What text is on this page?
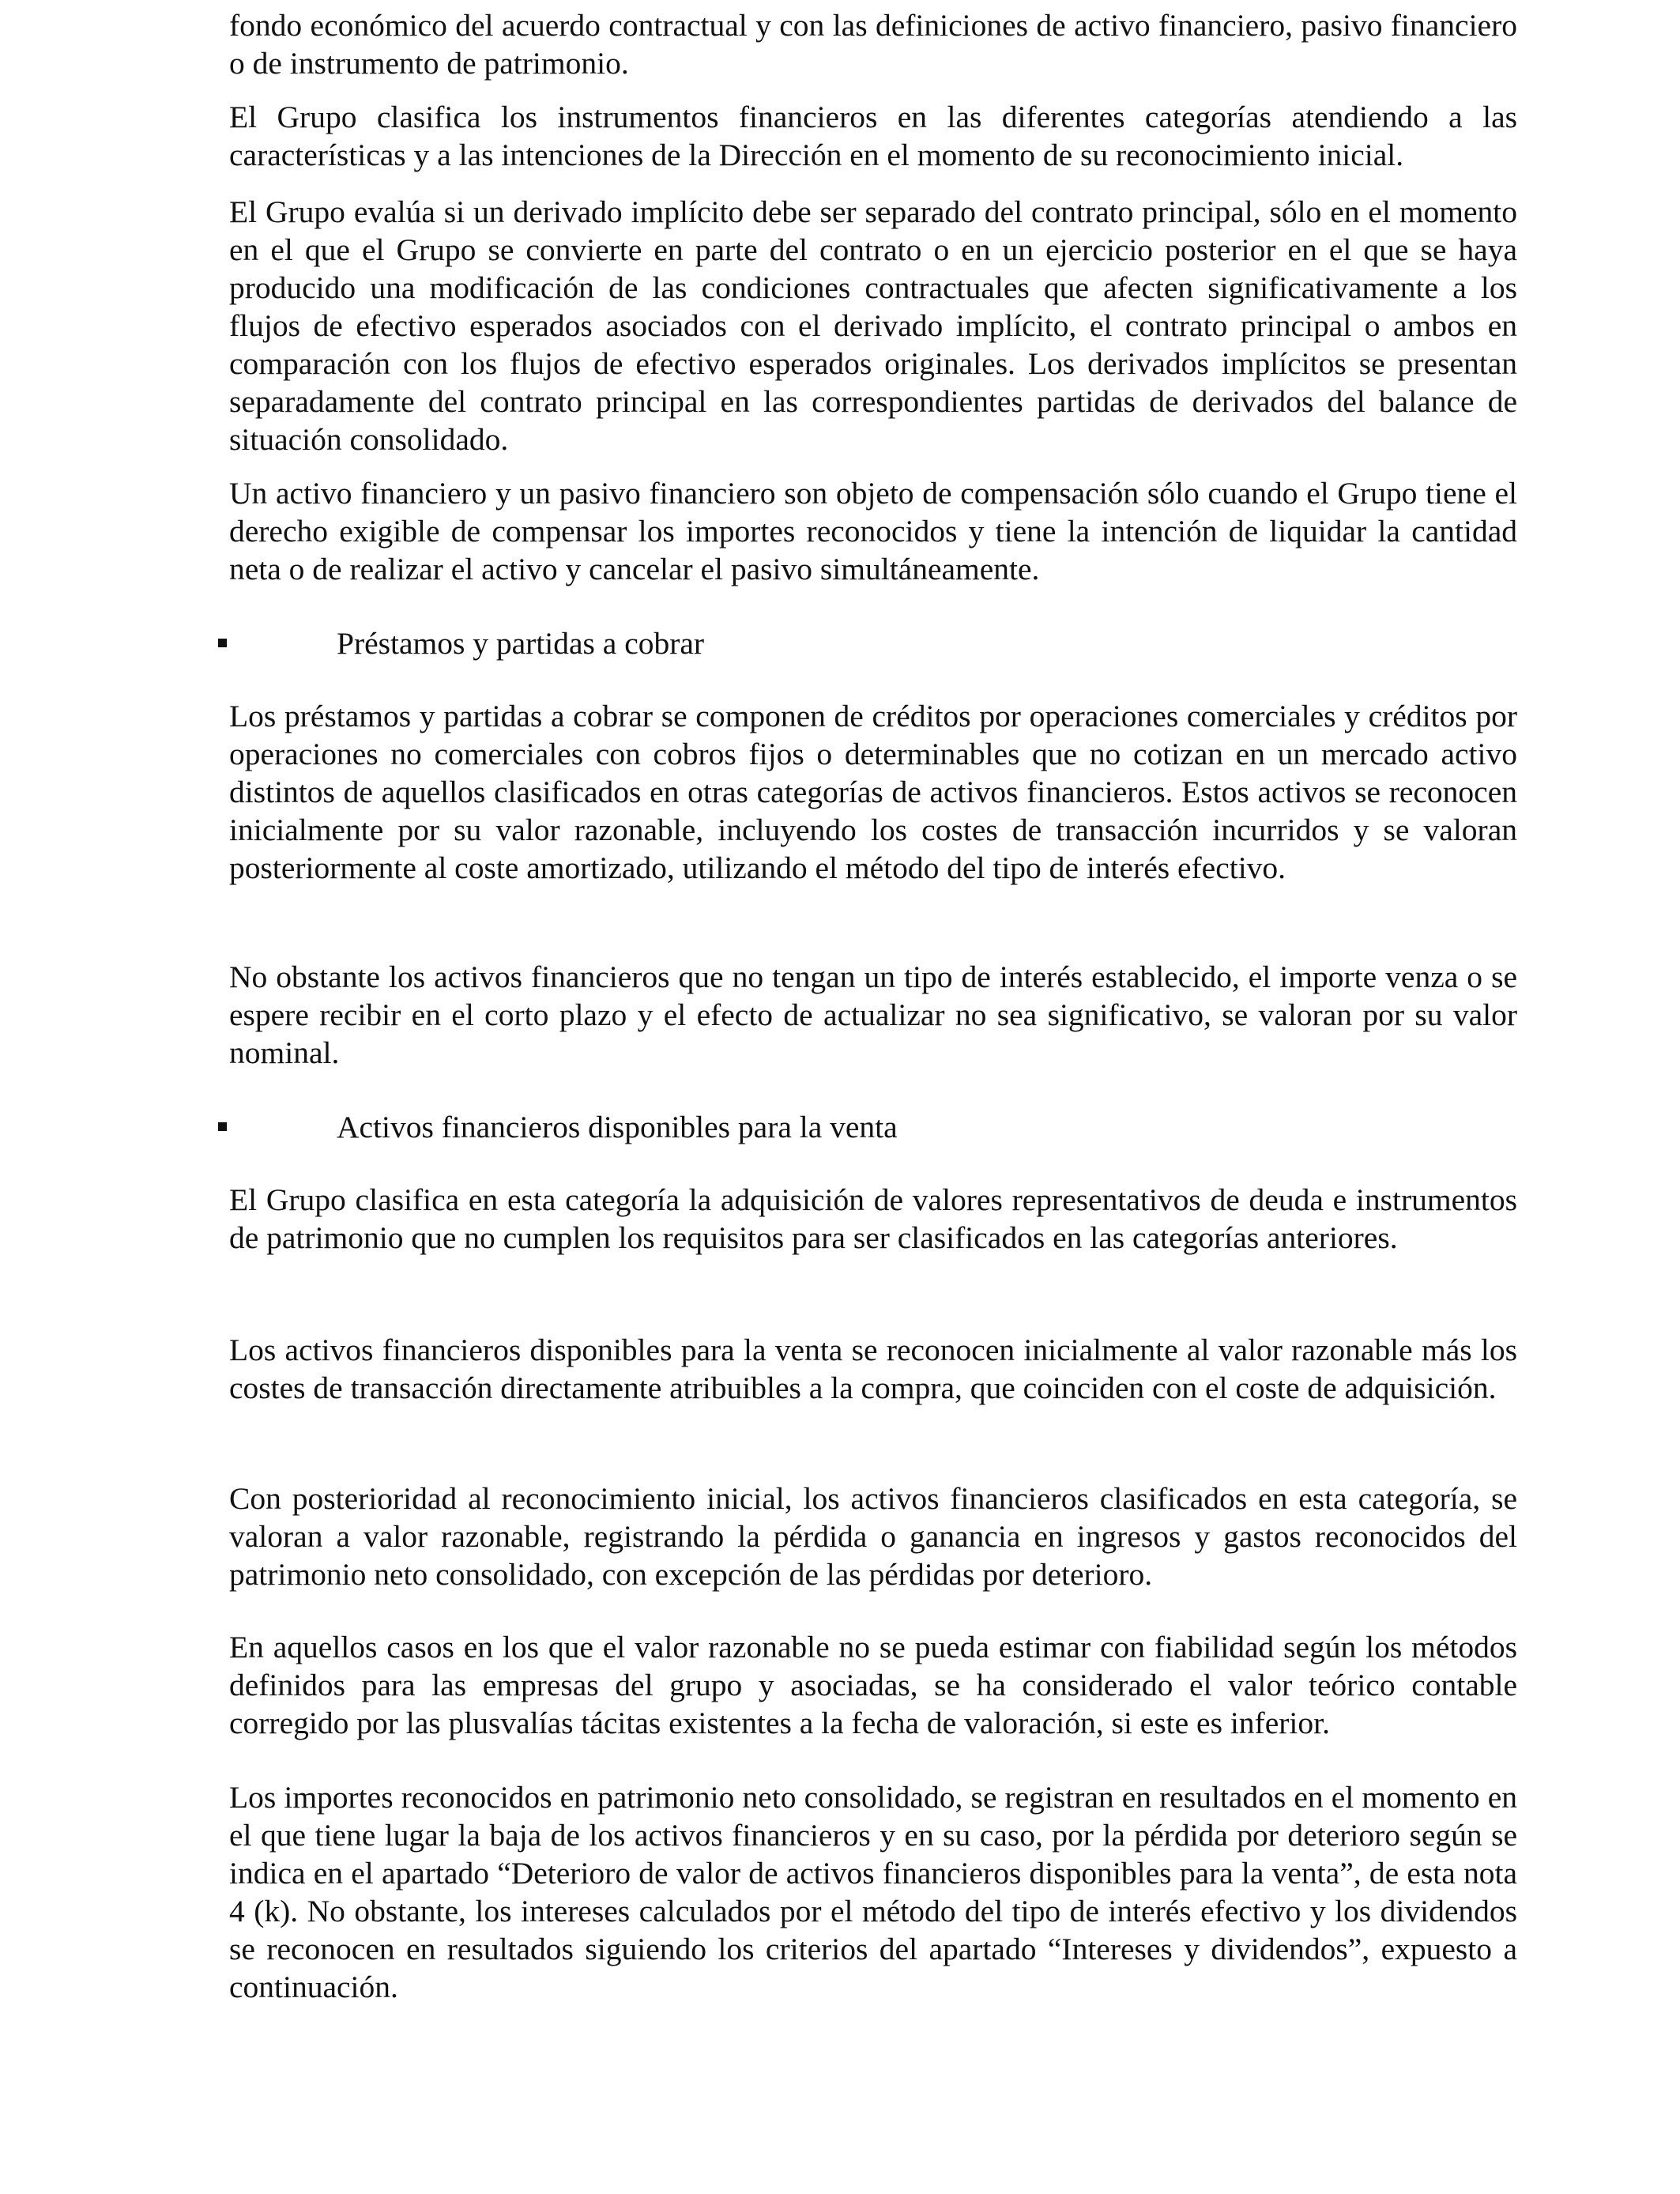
fondo económico del acuerdo contractual y con las definiciones de activo financiero, pasivo financiero o de instrumento de patrimonio.

El Grupo clasifica los instrumentos financieros en las diferentes categorías atendiendo a las características y a las intenciones de la Dirección en el momento de su reconocimiento inicial.

El Grupo evalúa si un derivado implícito debe ser separado del contrato principal, sólo en el momento en el que el Grupo se convierte en parte del contrato o en un ejercicio posterior en el que se haya producido una modificación de las condiciones contractuales que afecten significativamente a los flujos de efectivo esperados asociados con el derivado implícito, el contrato principal o ambos en comparación con los flujos de efectivo esperados originales. Los derivados implícitos se presentan separadamente del contrato principal en las correspondientes partidas de derivados del balance de situación consolidado.

Un activo financiero y un pasivo financiero son objeto de compensación sólo cuando el Grupo tiene el derecho exigible de compensar los importes reconocidos y tiene la intención de liquidar la cantidad neta o de realizar el activo y cancelar el pasivo simultáneamente.

Préstamos y partidas a cobrar

Los préstamos y partidas a cobrar se componen de créditos por operaciones comerciales y créditos por operaciones no comerciales con cobros fijos o determinables que no cotizan en un mercado activo distintos de aquellos clasificados en otras categorías de activos financieros. Estos activos se reconocen inicialmente por su valor razonable, incluyendo los costes de transacción incurridos y se valoran posteriormente al coste amortizado, utilizando el método del tipo de interés efectivo.

No obstante los activos financieros que no tengan un tipo de interés establecido, el importe venza o se espere recibir en el corto plazo y el efecto de actualizar no sea significativo, se valoran por su valor nominal.

Activos financieros disponibles para la venta

El Grupo clasifica en esta categoría la adquisición de valores representativos de deuda e instrumentos de patrimonio que no cumplen los requisitos para ser clasificados en las categorías anteriores.

Los activos financieros disponibles para la venta se reconocen inicialmente al valor razonable más los costes de transacción directamente atribuibles a la compra, que coinciden con el coste de adquisición.

Con posterioridad al reconocimiento inicial, los activos financieros clasificados en esta categoría, se valoran a valor razonable, registrando la pérdida o ganancia en ingresos y gastos reconocidos del patrimonio neto consolidado, con excepción de las pérdidas por deterioro.

En aquellos casos en los que el valor razonable no se pueda estimar con fiabilidad según los métodos definidos para las empresas del grupo y asociadas, se ha considerado el valor teórico contable corregido por las plusvalías tácitas existentes a la fecha de valoración, si este es inferior.

Los importes reconocidos en patrimonio neto consolidado, se registran en resultados en el momento en el que tiene lugar la baja de los activos financieros y en su caso, por la pérdida por deterioro según se indica en el apartado “Deterioro de valor de activos financieros disponibles para la venta”, de esta nota 4 (k). No obstante, los intereses calculados por el método del tipo de interés efectivo y los dividendos se reconocen en resultados siguiendo los criterios del apartado “Intereses y dividendos”, expuesto a continuación.
